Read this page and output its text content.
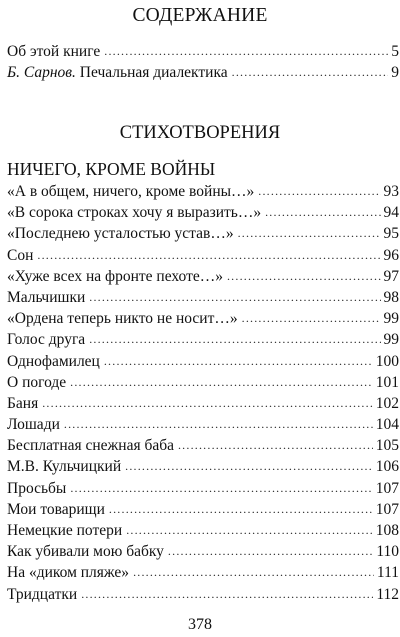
СОДЕРЖАНИЕ
Об этой книге .....	5
Б. Сарнов. Печальная диалектика .....	9
СТИХОТВОРЕНИЯ
НИЧЕГО, КРОМЕ ВОЙНЫ
«А в общем, ничего, кроме войны…» .....	93
«В сорока строках хочу я выразить…» .....	94
«Последнею усталостью устав…» .....	95
Сон .....	96
«Хуже всех на фронте пехоте…» .....	97
Мальчишки .....	98
«Ордена теперь никто не носит…» .....	99
Голос друга .....	99
Однофамилец .....	100
О погоде .....	101
Баня .....	102
Лошади .....	104
Бесплатная снежная баба .....	105
М.В. Кульчицкий .....	106
Просьбы .....	107
Мои товарищи .....	107
Немецкие потери .....	108
Как убивали мою бабку .....	110
На «диком пляже» .....	111
Тридцатки .....	112
378
